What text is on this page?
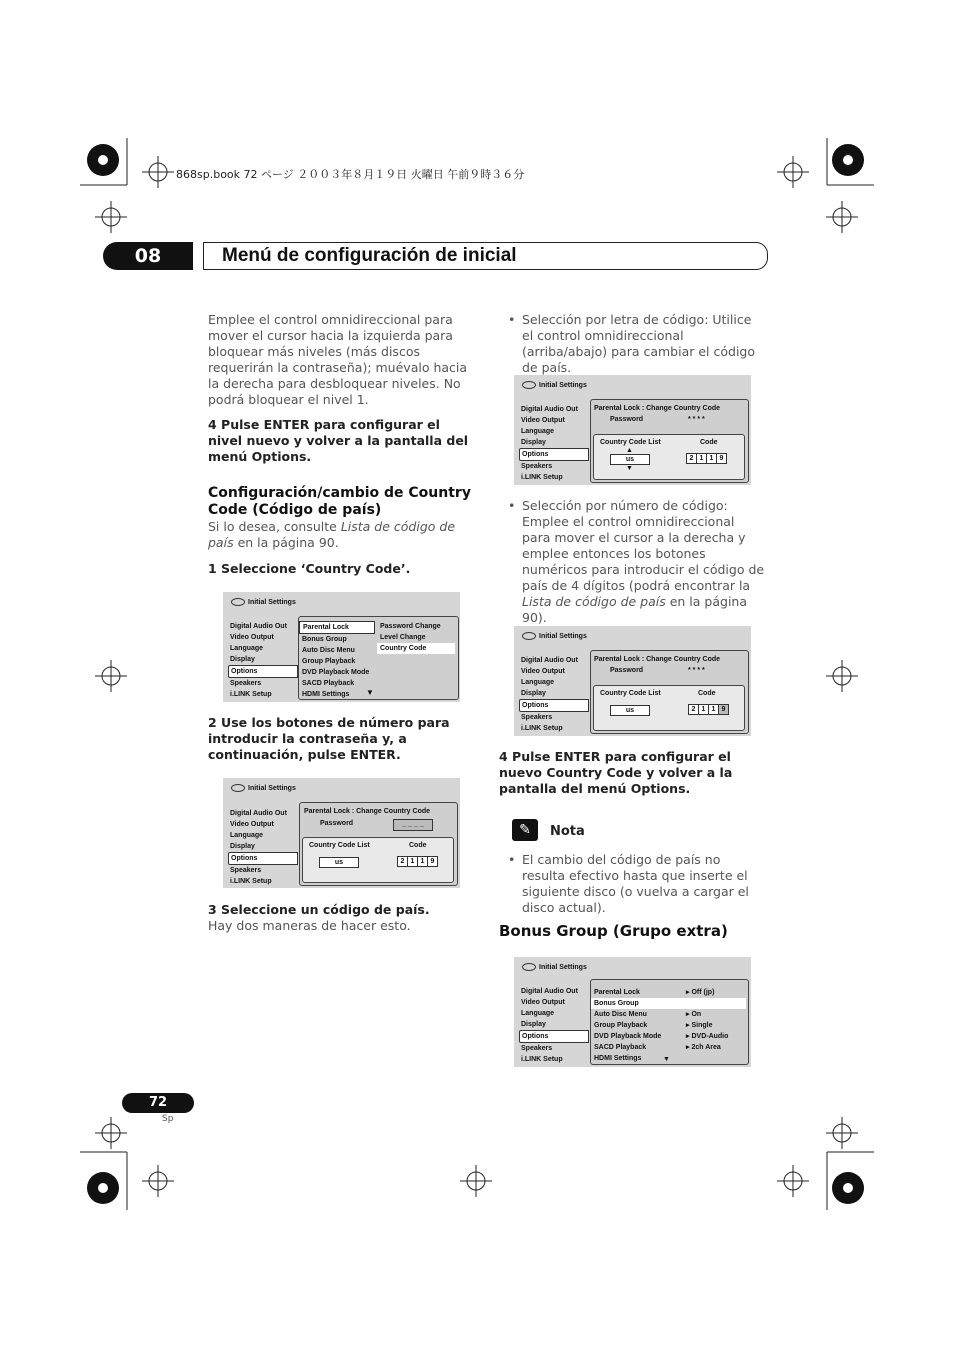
868sp.book 72 ページ ２００３年８月１９日 火曜日 午前９時３６分
08	Menú de configuración de inicial
Emplee el control omnidireccional para mover el cursor hacia la izquierda para bloquear más niveles (más discos requerirán la contraseña); muévalo hacia la derecha para desbloquear niveles. No podrá bloquear el nivel 1.
4 Pulse ENTER para configurar el nivel nuevo y volver a la pantalla del menú Options.
Configuración/cambio de Country Code (Código de país)
Si lo desea, consulte Lista de código de país en la página 90.
1 Seleccione ‘Country Code’.
Initial Settings
Digital Audio Out
Video Output
Language
Display
Options
Speakers
i.LINK Setup
Parental Lock
Bonus Group
Auto Disc Menu
Group Playback
DVD Playback Mode
SACD Playback
HDMI Settings
Password Change
Level Change
Country Code
▼
2 Use los botones de número para introducir la contraseña y, a continuación, pulse ENTER.
Initial Settings
Digital Audio Out
Video Output
Language
Display
Options
Speakers
i.LINK Setup
Parental Lock : Change Country Code
Password	_ _ _ _
Country Code List	Code
us	2 1 1 9
3 Seleccione un código de país.
Hay dos maneras de hacer esto.
• Selección por letra de código: Utilice el control omnidireccional (arriba/abajo) para cambiar el código de país.
Initial Settings
Digital Audio Out
Video Output
Language
Display
Options
Speakers
i.LINK Setup
Parental Lock : Change Country Code
Password	* * * *
Country Code List	Code
▲
us
▼
2 1 1 9
• Selección por número de código: Emplee el control omnidireccional para mover el cursor a la derecha y emplee entonces los botones numéricos para introducir el código de país de 4 dígitos (podrá encontrar la Lista de código de país en la página 90).
Initial Settings
Digital Audio Out
Video Output
Language
Display
Options
Speakers
i.LINK Setup
Parental Lock : Change Country Code
Password	* * * *
Country Code List	Code
us	2 1 1 9
4 Pulse ENTER para configurar el nuevo Country Code y volver a la pantalla del menú Options.
✎	Nota
• El cambio del código de país no resulta efectivo hasta que inserte el siguiente disco (o vuelva a cargar el disco actual).
Bonus Group (Grupo extra)
Initial Settings
Digital Audio Out
Video Output
Language
Display
Options
Speakers
i.LINK Setup
Parental Lock	▸ Off (jp)
Bonus Group
Auto Disc Menu	▸ On
Group Playback	▸ Single
DVD Playback Mode	▸ DVD-Audio
SACD Playback	▸ 2ch Area
HDMI Settings	▼
72
Sp
